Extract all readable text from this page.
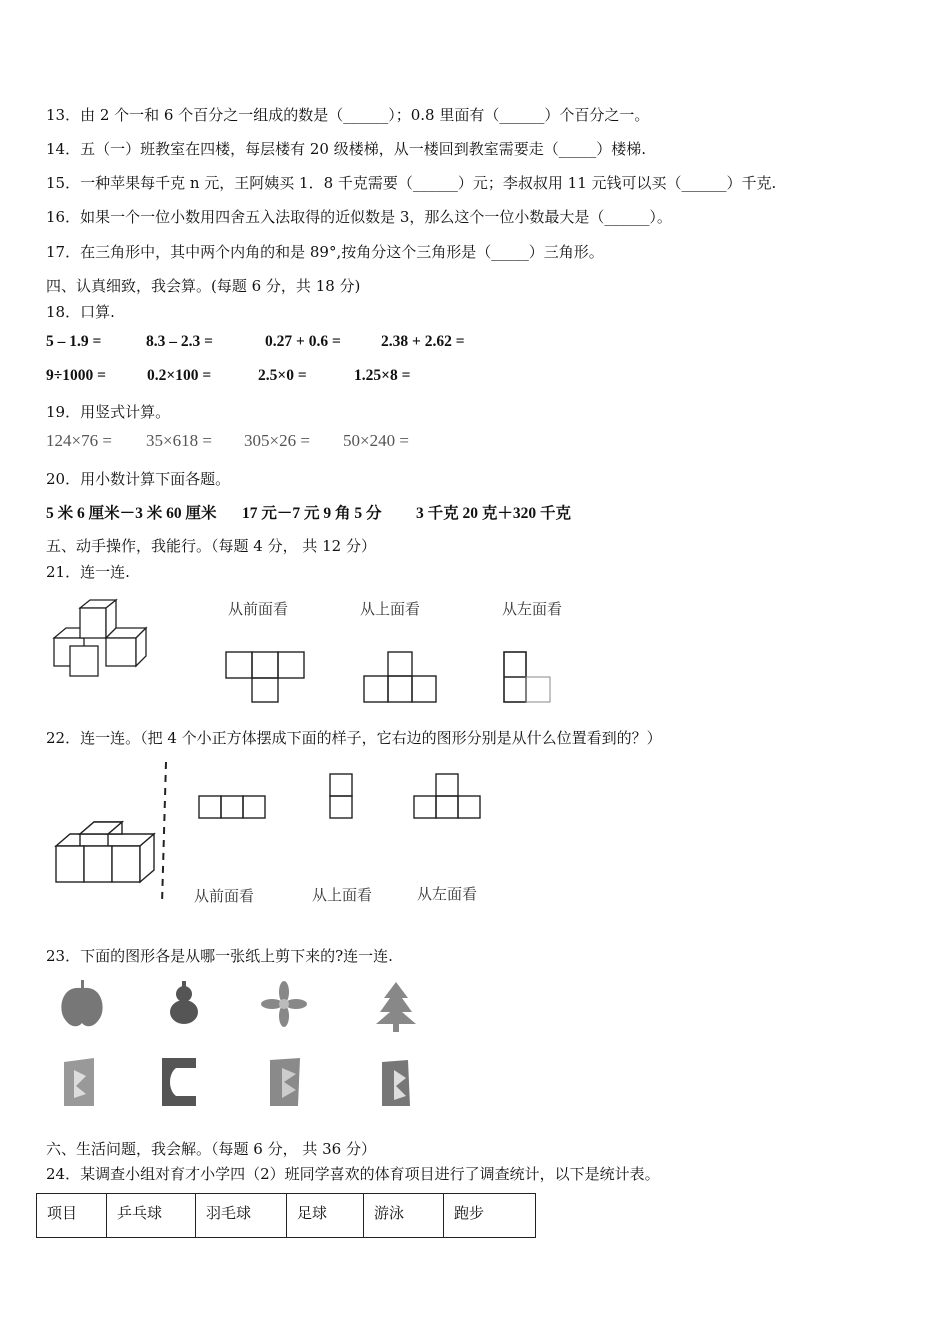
13．由 2 个一和 6 个百分之一组成的数是（______）；0.8 里面有（______）个百分之一。
14．五（一）班教室在四楼，每层楼有 20 级楼梯，从一楼回到教室需要走（_____）楼梯.
15．一种苹果每千克 n 元，王阿姨买 1．8 千克需要（______）元；李叔叔用 11 元钱可以买（______）千克.
16．如果一个一位小数用四舍五入法取得的近似数是 3，那么这个一位小数最大是（______）。
17．在三角形中，其中两个内角的和是 89°,按角分这个三角形是（_____）三角形。
四、认真细致，我会算。(每题 6 分，共 18 分)
18．口算.
5 – 1.9 =	8.3 – 2.3 =	0.27 + 0.6 =	2.38 + 2.62 =
9÷1000 =	0.2×100 =	2.5×0 =	1.25×8 =
19．用竖式计算。
124×76 = 35×618 = 305×26 = 50×240 =
20．用小数计算下面各题。
5 米 6 厘米－3 米 60 厘米 17 元－7 元 9 角 5 分 3 千克 20 克＋320 千克
五、动手操作，我能行。（每题 4 分， 共 12 分）
21．连一连.
从前面看	从上面看	从左面看
22．连一连。（把 4 个小正方体摆成下面的样子，它右边的图形分别是从什么位置看到的？）
从前面看	从上面看	从左面看
23．下面的图形各是从哪一张纸上剪下来的?连一连.
六、生活问题，我会解。（每题 6 分， 共 36 分）
24．某调查小组对育才小学四（2）班同学喜欢的体育项目进行了调查统计，以下是统计表。
项目	乒乓球	羽毛球	足球	游泳	跑步
